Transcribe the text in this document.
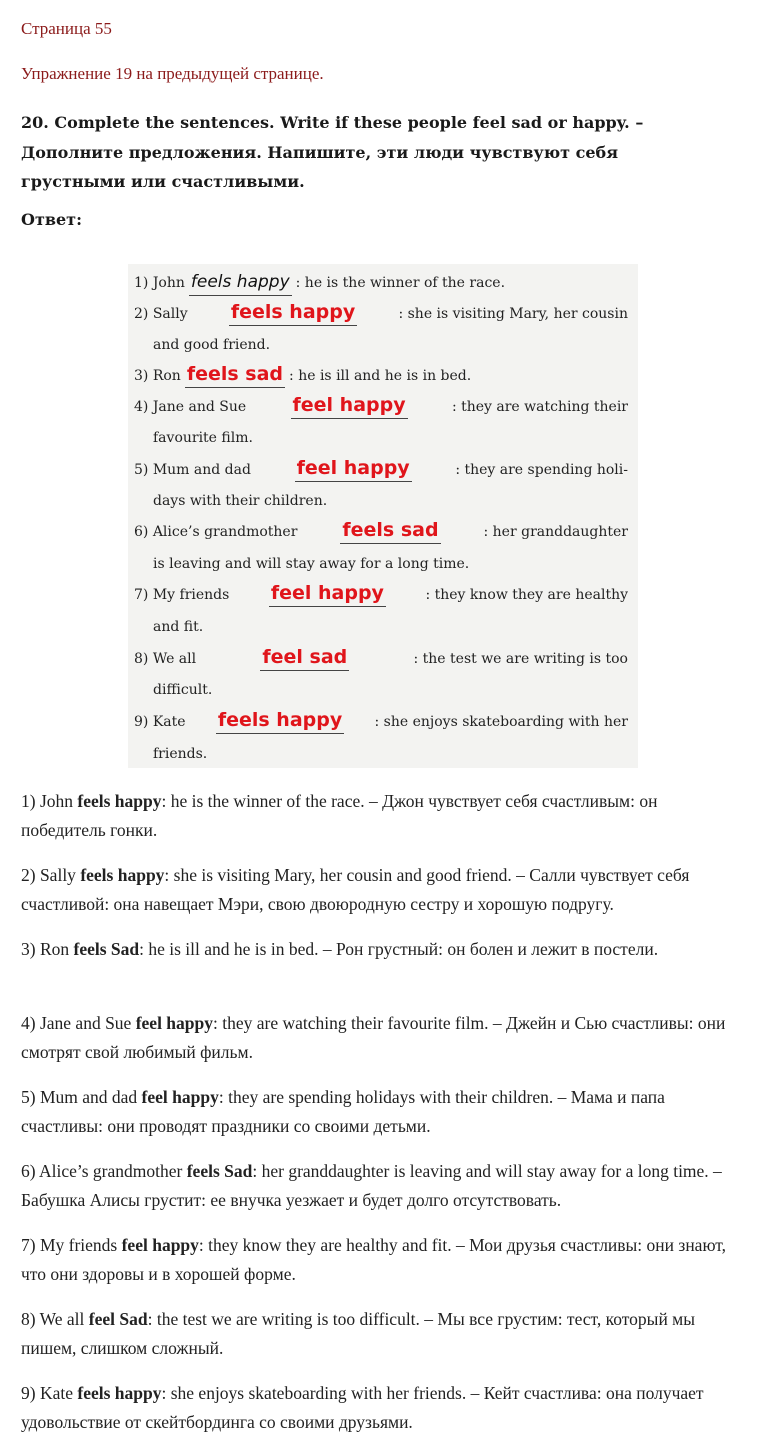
Страница 55
Упражнение 19 на предыдущей странице.
20. Complete the sentences. Write if these people feel sad or happy. – Дополните предложения. Напишите, эти люди чувствуют себя грустными или счастливыми.
Ответ:
1) John feels happy : he is the winner of the race.
2) Sally feels happy	: she is visiting Mary, her cousin
and good friend.
3) Ron feels sad : he is ill and he is in bed.
4) Jane and Sue feel happy	: they are watching their
favourite film.
5) Mum and dad feel happy	: they are spending holi-
days with their children.
6) Alice’s grandmother feels sad	: her granddaughter
is leaving and will stay away for a long time.
7) My friends feel happy	: they know they are healthy
and fit.
8) We all	feel sad	: the test we are writing is too
difficult.
9) Kate feels happy : she enjoys skateboarding with her
friends.
1) John feels happy: he is the winner of the race. – Джон чувствует себя счастливым: он победитель гонки.
2) Sally feels happy: she is visiting Mary, her cousin and good friend. – Салли чувствует себя счастливой: она навещает Мэри, свою двоюродную сестру и хорошую подругу.
3) Ron feels Sad: he is ill and he is in bed. – Рон грустный: он болен и лежит в постели.
4) Jane and Sue feel happy: they are watching their favourite film. – Джейн и Сью счастливы: они смотрят свой любимый фильм.
5) Mum and dad feel happy: they are spending holidays with their children. – Мама и папа счастливы: они проводят праздники со своими детьми.
6) Alice’s grandmother feels Sad: her granddaughter is leaving and will stay away for a long time. – Бабушка Алисы грустит: ее внучка уезжает и будет долго отсутствовать.
7) My friends feel happy: they know they are healthy and fit. – Мои друзья счастливы: они знают, что они здоровы и в хорошей форме.
8) We all feel Sad: the test we are writing is too difficult. – Мы все грустим: тест, который мы пишем, слишком сложный.
9) Kate feels happy: she enjoys skateboarding with her friends. – Кейт счастлива: она получает удовольствие от скейтбординга со своими друзьями.
